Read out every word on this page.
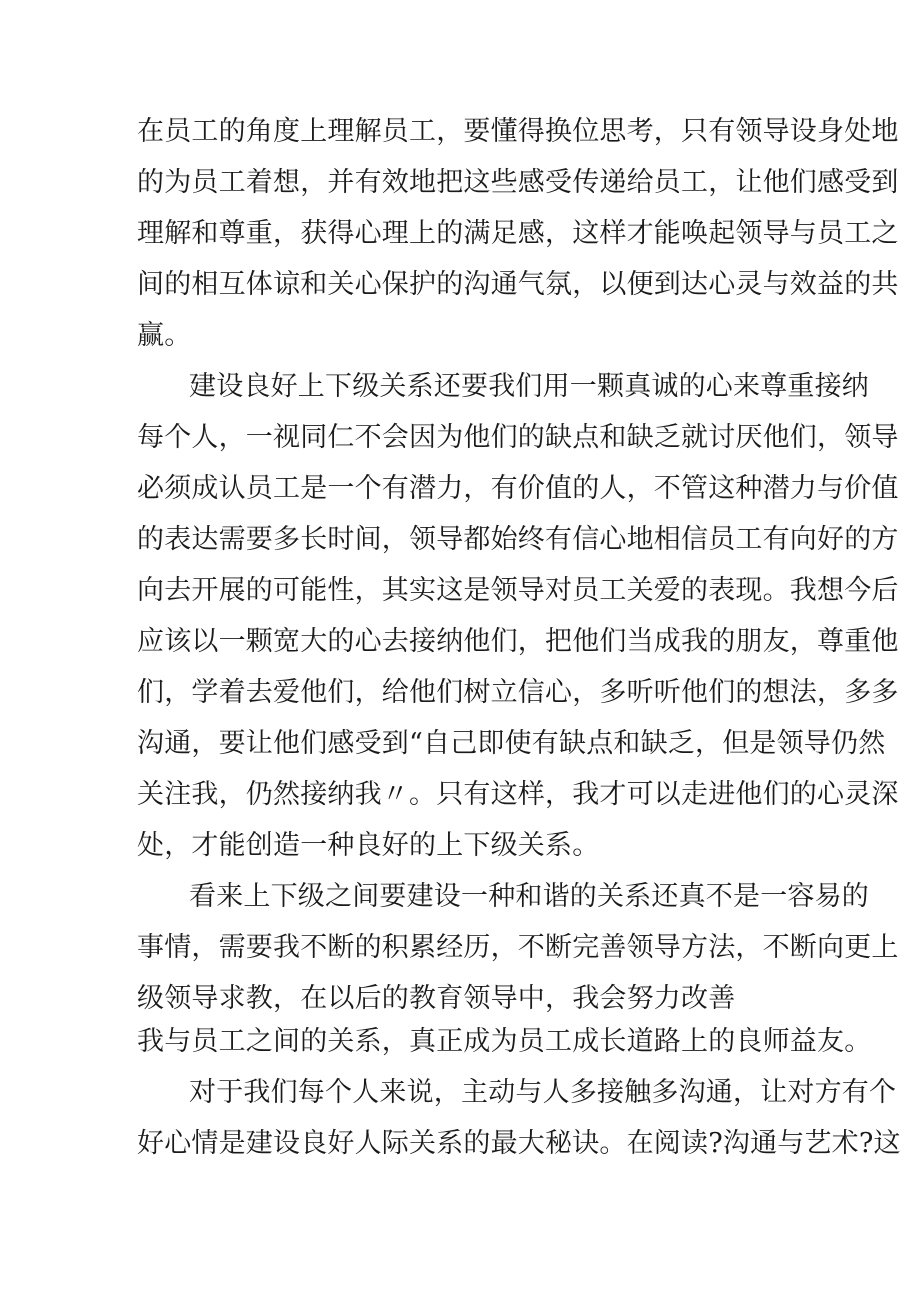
在员工的角度上理解员工，要懂得换位思考，只有领导设身处地
的为员工着想，并有效地把这些感受传递给员工，让他们感受到
理解和尊重，获得心理上的满足感，这样才能唤起领导与员工之
间的相互体谅和关心保护的沟通气氛，以便到达心灵与效益的共
赢。
建设良好上下级关系还要我们用一颗真诚的心来尊重接纳
每个人，一视同仁不会因为他们的缺点和缺乏就讨厌他们，领导
必须成认员工是一个有潜力，有价值的人，不管这种潜力与价值
的表达需要多长时间，领导都始终有信心地相信员工有向好的方
向去开展的可能性，其实这是领导对员工关爱的表现。我想今后
应该以一颗宽大的心去接纳他们，把他们当成我的朋友，尊重他
们，学着去爱他们，给他们树立信心，多听听他们的想法，多多
沟通，要让他们感受到“自己即使有缺点和缺乏，但是领导仍然
关注我，仍然接纳我〃。只有这样，我才可以走进他们的心灵深
处，才能创造一种良好的上下级关系。
看来上下级之间要建设一种和谐的关系还真不是一容易的
事情，需要我不断的积累经历，不断完善领导方法，不断向更上
级领导求教，在以后的教育领导中，我会努力改善
我与员工之间的关系，真正成为员工成长道路上的良师益友。
对于我们每个人来说，主动与人多接触多沟通，让对方有个
好心情是建设良好人际关系的最大秘诀。在阅读?沟通与艺术?这
